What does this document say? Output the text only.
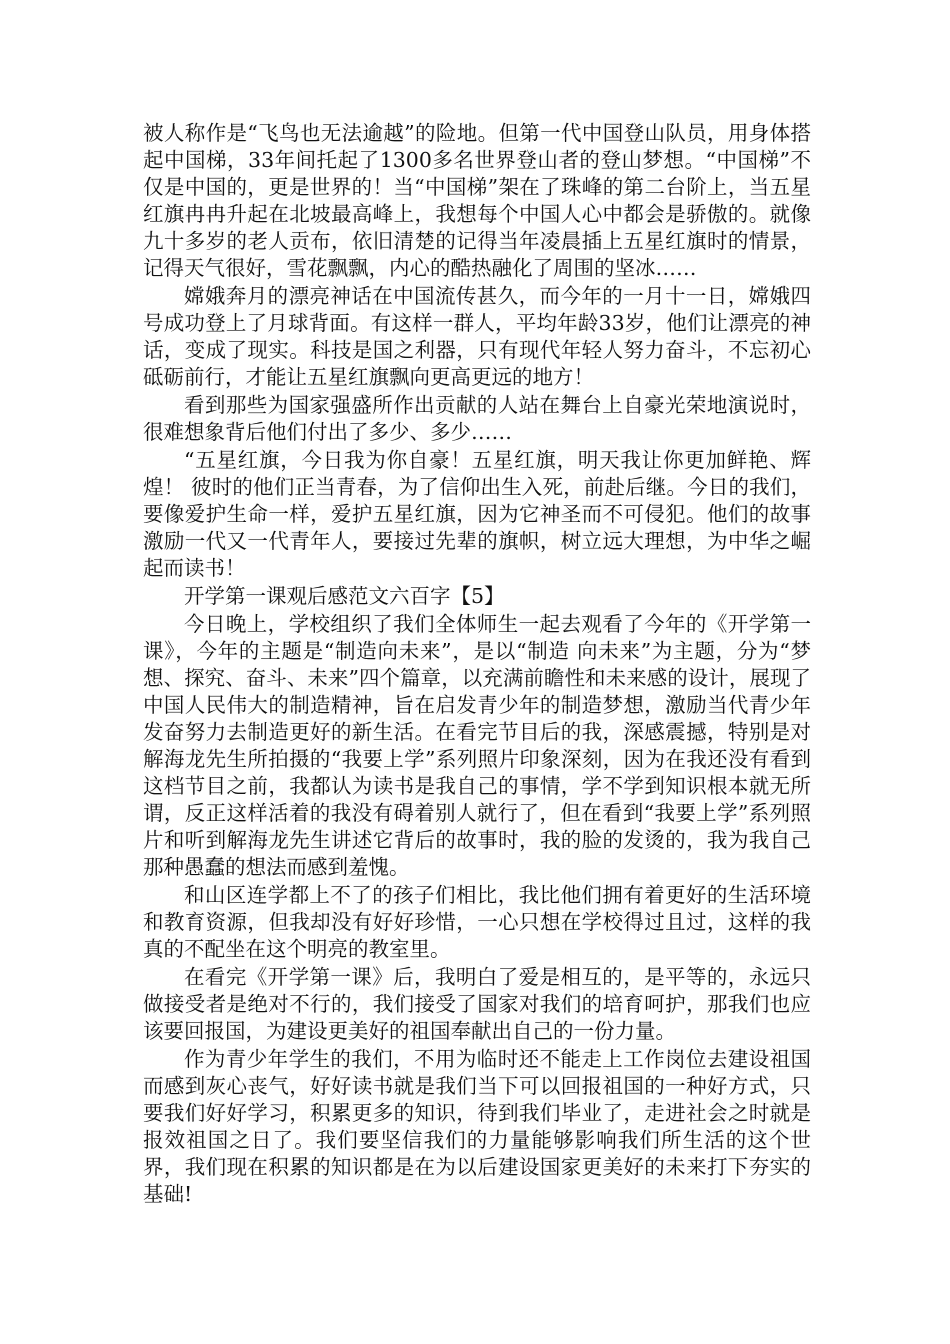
被人称作是“飞鸟也无法逾越”的险地。但第一代中国登山队员，用身体搭起中国梯，33年间托起了1300多名世界登山者的登山梦想。“中国梯”不仅是中国的，更是世界的！当“中国梯”架在了珠峰的第二台阶上，当五星红旗冉冉升起在北坡最高峰上，我想每个中国人心中都会是骄傲的。就像九十多岁的老人贡布，依旧清楚的记得当年凌晨插上五星红旗时的情景，记得天气很好，雪花飘飘，内心的酷热融化了周围的坚冰……

嫦娥奔月的漂亮神话在中国流传甚久，而今年的一月十一日，嫦娥四号成功登上了月球背面。有这样一群人，平均年龄33岁，他们让漂亮的神话，变成了现实。科技是国之利器，只有现代年轻人努力奋斗，不忘初心砥砺前行，才能让五星红旗飘向更高更远的地方！

看到那些为国家强盛所作出贡献的人站在舞台上自豪光荣地演说时，很难想象背后他们付出了多少、多少……

“五星红旗，今日我为你自豪！五星红旗，明天我让你更加鲜艳、辉煌！ 彼时的他们正当青春，为了信仰出生入死，前赴后继。今日的我们，要像爱护生命一样，爱护五星红旗，因为它神圣而不可侵犯。他们的故事激励一代又一代青年人，要接过先辈的旗帜，树立远大理想，为中华之崛起而读书！

开学第一课观后感范文六百字【5】

今日晚上，学校组织了我们全体师生一起去观看了今年的《开学第一课》，今年的主题是“制造向未来”，是以“制造 向未来”为主题，分为“梦想、探究、奋斗、未来”四个篇章，以充满前瞻性和未来感的设计，展现了中国人民伟大的制造精神，旨在启发青少年的制造梦想，激励当代青少年发奋努力去制造更好的新生活。在看完节目后的我，深感震撼，特别是对解海龙先生所拍摄的“我要上学”系列照片印象深刻，因为在我还没有看到这档节目之前，我都认为读书是我自己的事情，学不学到知识根本就无所谓，反正这样活着的我没有碍着别人就行了，但在看到“我要上学”系列照片和听到解海龙先生讲述它背后的故事时，我的脸的发烫的，我为我自己那种愚蠢的想法而感到羞愧。

和山区连学都上不了的孩子们相比，我比他们拥有着更好的生活环境和教育资源，但我却没有好好珍惜，一心只想在学校得过且过，这样的我真的不配坐在这个明亮的教室里。

在看完《开学第一课》后，我明白了爱是相互的，是平等的，永远只做接受者是绝对不行的，我们接受了国家对我们的培育呵护，那我们也应该要回报国，为建设更美好的祖国奉献出自己的一份力量。

作为青少年学生的我们，不用为临时还不能走上工作岗位去建设祖国而感到灰心丧气，好好读书就是我们当下可以回报祖国的一种好方式，只要我们好好学习，积累更多的知识，待到我们毕业了，走进社会之时就是报效祖国之日了。我们要坚信我们的力量能够影响我们所生活的这个世界，我们现在积累的知识都是在为以后建设国家更美好的未来打下夯实的基础!
